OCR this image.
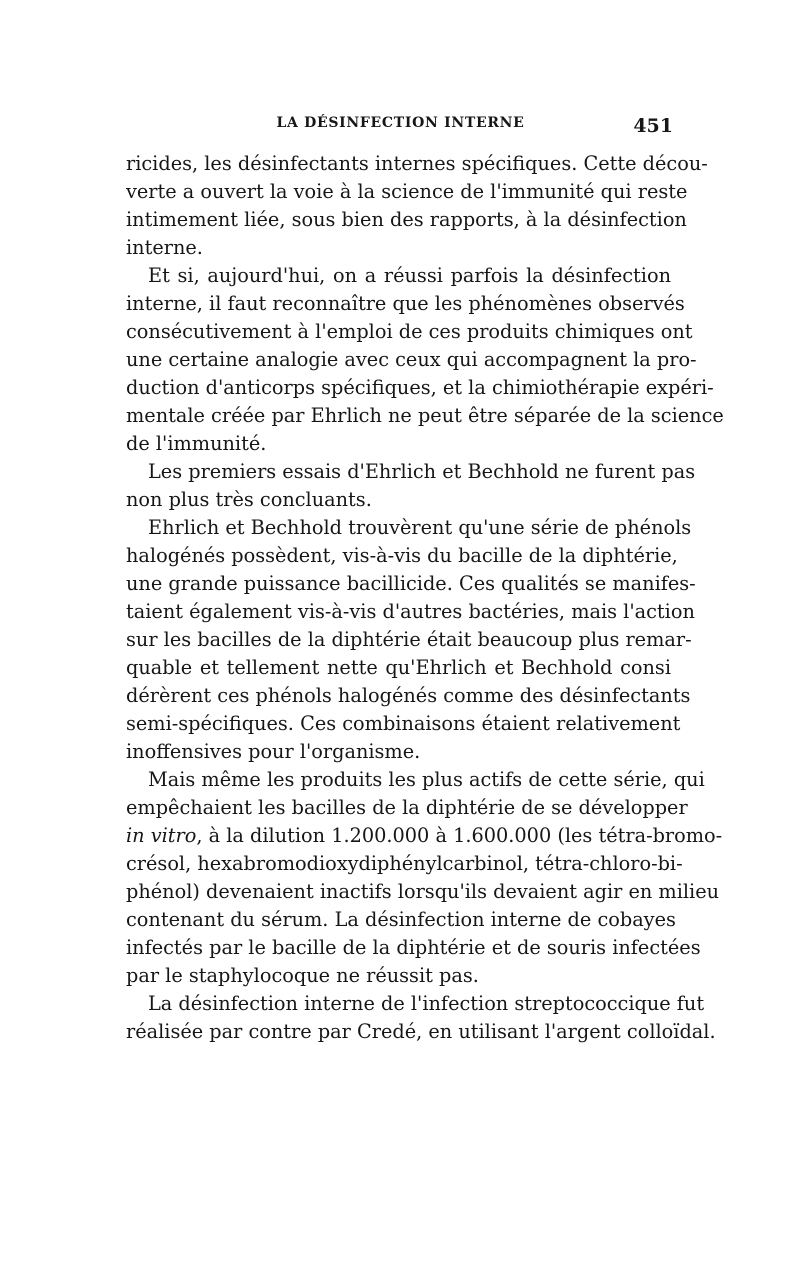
LA DÉSINFECTION INTERNE	451
ricides, les désinfectants internes spécifiques. Cette décou-
verte a ouvert la voie à la science de l'immunité qui reste
intimement liée, sous bien des rapports, à la désinfection
interne.
Et si, aujourd'hui, on a réussi parfois la désinfection
interne, il faut reconnaître que les phénomènes observés
consécutivement à l'emploi de ces produits chimiques ont
une certaine analogie avec ceux qui accompagnent la pro-
duction d'anticorps spécifiques, et la chimiothérapie expéri-
mentale créée par Ehrlich ne peut être séparée de la science
de l'immunité.
Les premiers essais d'Ehrlich et Bechhold ne furent pas
non plus très concluants.
Ehrlich et Bechhold trouvèrent qu'une série de phénols
halogénés possèdent, vis-à-vis du bacille de la diphtérie,
une grande puissance bacillicide. Ces qualités se manifes-
taient également vis-à-vis d'autres bactéries, mais l'action
sur les bacilles de la diphtérie était beaucoup plus remar-
quable et tellement nette qu'Ehrlich et Bechhold consi
dérèrent ces phénols halogénés comme des désinfectants
semi-spécifiques. Ces combinaisons étaient relativement
inoffensives pour l'organisme.
Mais même les produits les plus actifs de cette série, qui
empêchaient les bacilles de la diphtérie de se développer
in vitro, à la dilution 1.200.000 à 1.600.000 (les tétra-bromo-
crésol, hexabromodioxydiphénylcarbinol, tétra-chloro-bi-
phénol) devenaient inactifs lorsqu'ils devaient agir en milieu
contenant du sérum. La désinfection interne de cobayes
infectés par le bacille de la diphtérie et de souris infectées
par le staphylocoque ne réussit pas.
La désinfection interne de l'infection streptococcique fut
réalisée par contre par Credé, en utilisant l'argent colloïdal.
